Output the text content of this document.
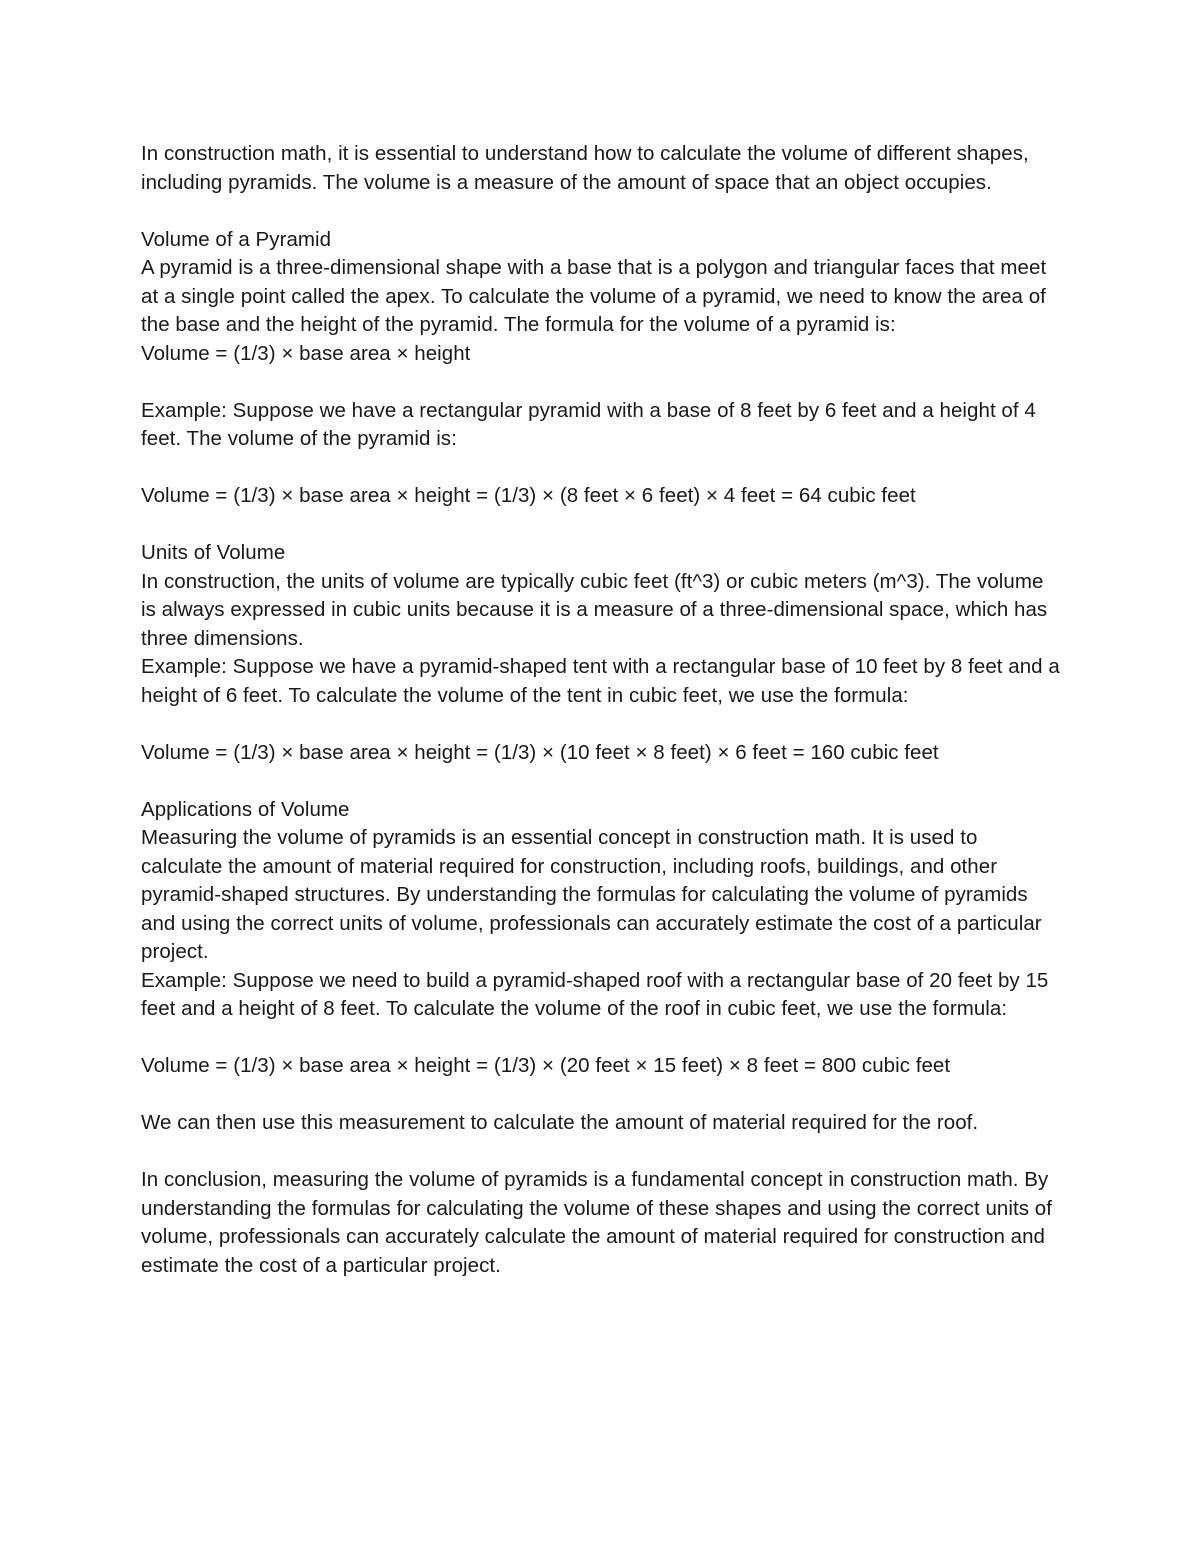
In construction math, it is essential to understand how to calculate the volume of different shapes, including pyramids. The volume is a measure of the amount of space that an object occupies.

Volume of a Pyramid

A pyramid is a three-dimensional shape with a base that is a polygon and triangular faces that meet at a single point called the apex. To calculate the volume of a pyramid, we need to know the area of the base and the height of the pyramid. The formula for the volume of a pyramid is:

Volume = (1/3) × base area × height

Example: Suppose we have a rectangular pyramid with a base of 8 feet by 6 feet and a height of 4 feet. The volume of the pyramid is:

Volume = (1/3) × base area × height = (1/3) × (8 feet × 6 feet) × 4 feet = 64 cubic feet

Units of Volume

In construction, the units of volume are typically cubic feet (ft^3) or cubic meters (m^3). The volume is always expressed in cubic units because it is a measure of a three-dimensional space, which has three dimensions.

Example: Suppose we have a pyramid-shaped tent with a rectangular base of 10 feet by 8 feet and a height of 6 feet. To calculate the volume of the tent in cubic feet, we use the formula:

Volume = (1/3) × base area × height = (1/3) × (10 feet × 8 feet) × 6 feet = 160 cubic feet

Applications of Volume

Measuring the volume of pyramids is an essential concept in construction math. It is used to calculate the amount of material required for construction, including roofs, buildings, and other pyramid-shaped structures. By understanding the formulas for calculating the volume of pyramids and using the correct units of volume, professionals can accurately estimate the cost of a particular project.

Example: Suppose we need to build a pyramid-shaped roof with a rectangular base of 20 feet by 15 feet and a height of 8 feet. To calculate the volume of the roof in cubic feet, we use the formula:

Volume = (1/3) × base area × height = (1/3) × (20 feet × 15 feet) × 8 feet = 800 cubic feet

We can then use this measurement to calculate the amount of material required for the roof.

In conclusion, measuring the volume of pyramids is a fundamental concept in construction math. By understanding the formulas for calculating the volume of these shapes and using the correct units of volume, professionals can accurately calculate the amount of material required for construction and estimate the cost of a particular project.
